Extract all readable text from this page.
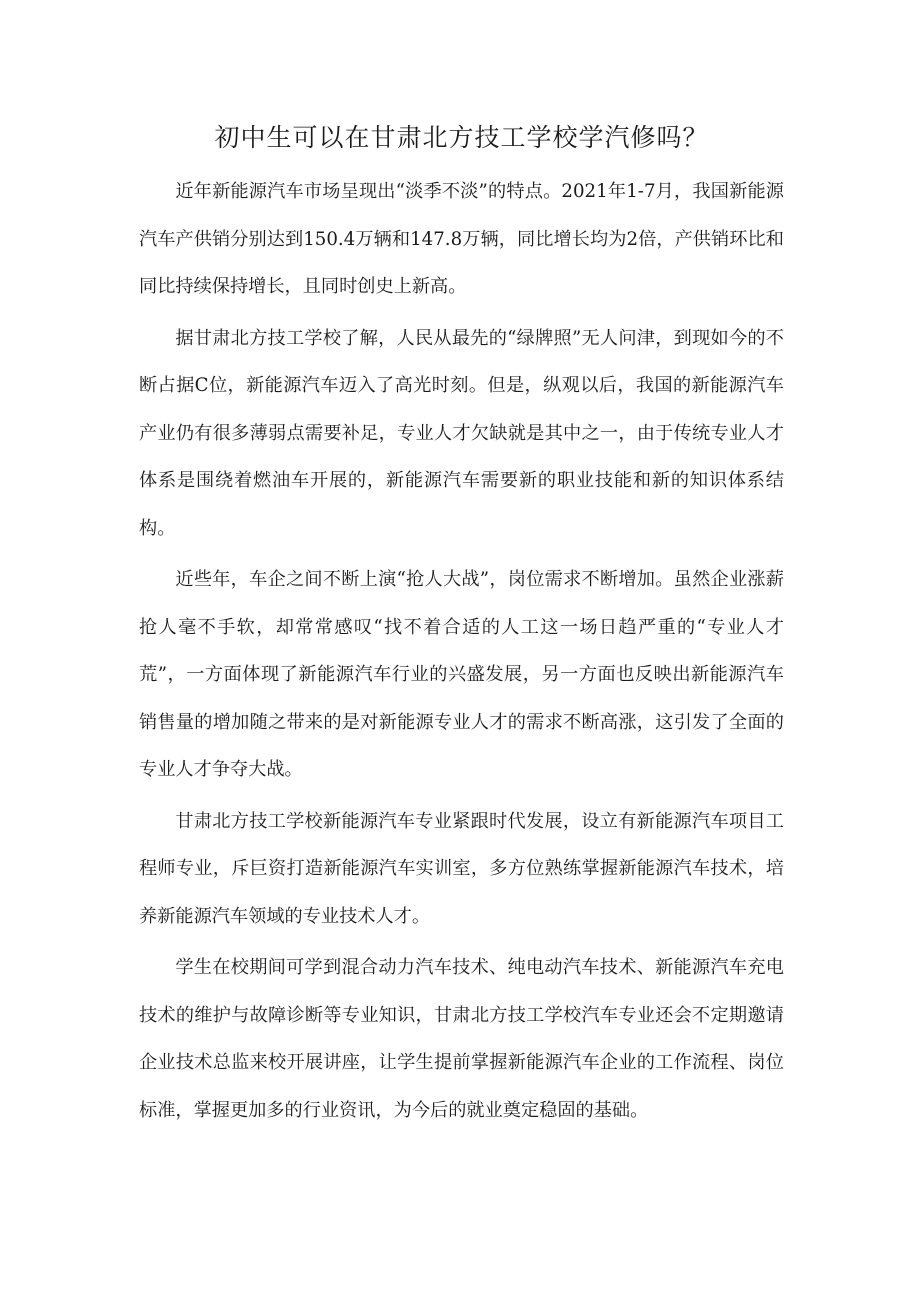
初中生可以在甘肃北方技工学校学汽修吗？

近年新能源汽车市场呈现出“淡季不淡”的特点。2021年1-7月，我国新能源汽车产供销分别达到150.4万辆和147.8万辆，同比增长均为2倍，产供销环比和同比持续保持增长，且同时创史上新高。

据甘肃北方技工学校了解，人民从最先的“绿牌照”无人问津，到现如今的不断占据C位，新能源汽车迈入了高光时刻。但是，纵观以后，我国的新能源汽车产业仍有很多薄弱点需要补足，专业人才欠缺就是其中之一，由于传统专业人才体系是围绕着燃油车开展的，新能源汽车需要新的职业技能和新的知识体系结构。

近些年，车企之间不断上演“抢人大战”，岗位需求不断增加。虽然企业涨薪抢人毫不手软，却常常感叹“找不着合适的人工这一场日趋严重的“专业人才荒”，一方面体现了新能源汽车行业的兴盛发展，另一方面也反映出新能源汽车销售量的增加随之带来的是对新能源专业人才的需求不断高涨，这引发了全面的专业人才争夺大战。

甘肃北方技工学校新能源汽车专业紧跟时代发展，设立有新能源汽车项目工程师专业，斥巨资打造新能源汽车实训室，多方位熟练掌握新能源汽车技术，培养新能源汽车领域的专业技术人才。

学生在校期间可学到混合动力汽车技术、纯电动汽车技术、新能源汽车充电技术的维护与故障诊断等专业知识，甘肃北方技工学校汽车专业还会不定期邀请企业技术总监来校开展讲座，让学生提前掌握新能源汽车企业的工作流程、岗位标准，掌握更加多的行业资讯，为今后的就业奠定稳固的基础。
